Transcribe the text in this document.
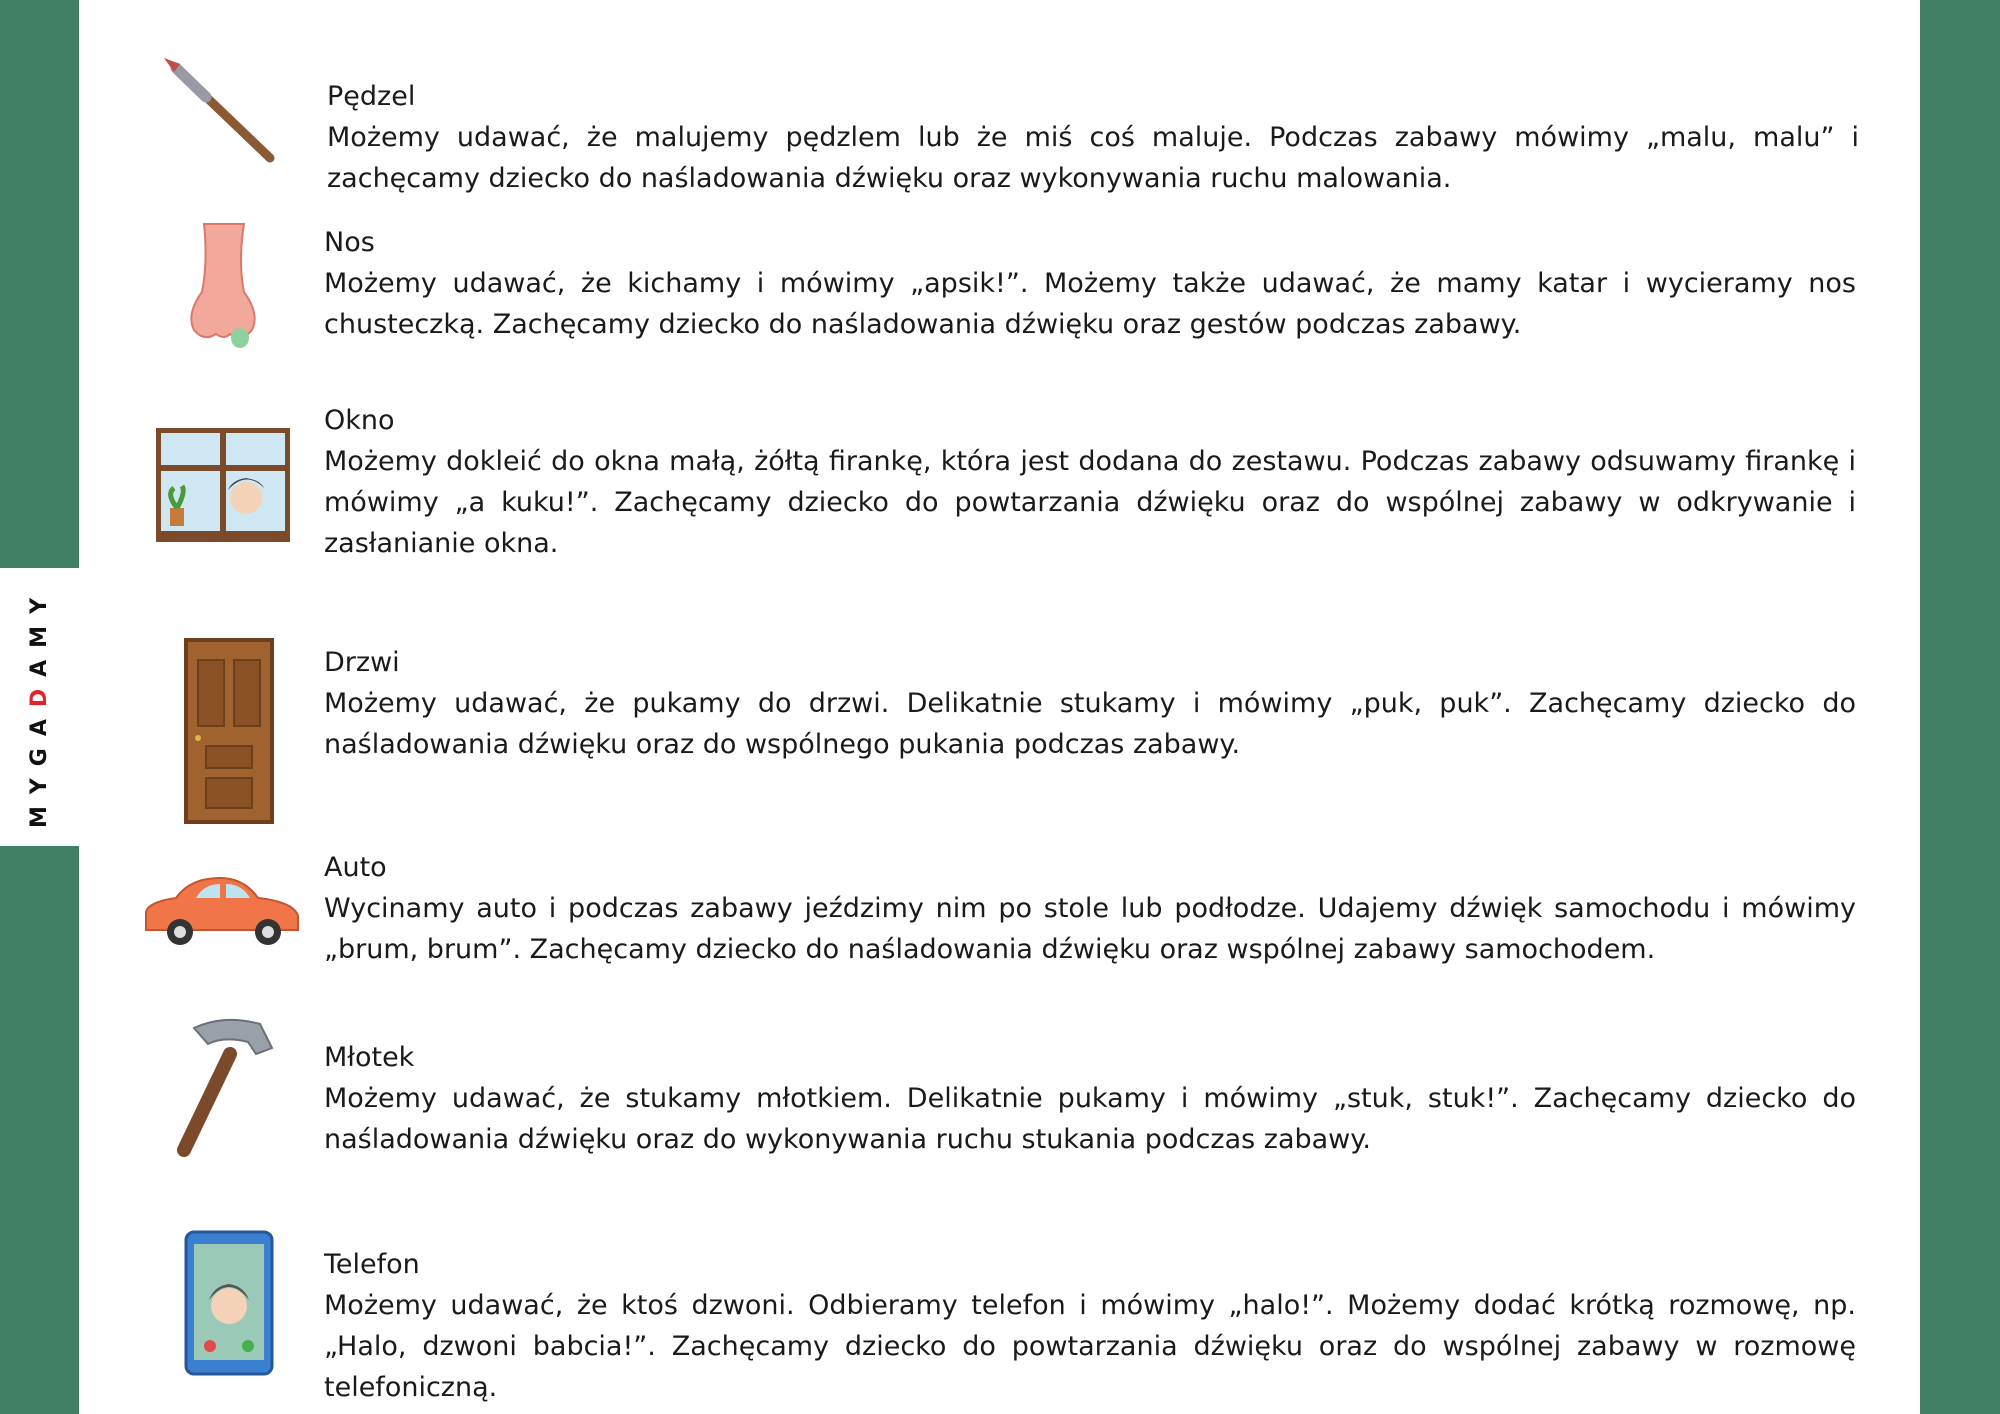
MYGADAMY
Pędzel
Możemy udawać, że malujemy pędzlem lub że miś coś maluje. Podczas zabawy mówimy „malu, malu” i zachęcamy dziecko do naśladowania dźwięku oraz wykonywania ruchu malowania.
Nos
Możemy udawać, że kichamy i mówimy „apsik!”. Możemy także udawać, że mamy katar i wycieramy nos chusteczką. Zachęcamy dziecko do naśladowania dźwięku oraz gestów podczas zabawy.
Okno
Możemy dokleić do okna małą, żółtą firankę, która jest dodana do zestawu. Podczas zabawy odsuwamy firankę i mówimy „a kuku!”. Zachęcamy dziecko do powtarzania dźwięku oraz do wspólnej zabawy w odkrywanie i zasłanianie okna.
Drzwi
Możemy udawać, że pukamy do drzwi. Delikatnie stukamy i mówimy „puk, puk”. Zachęcamy dziecko do naśladowania dźwięku oraz do wspólnego pukania podczas zabawy.
Auto
Wycinamy auto i podczas zabawy jeździmy nim po stole lub podłodze. Udajemy dźwięk samochodu i mówimy „brum, brum”. Zachęcamy dziecko do naśladowania dźwięku oraz wspólnej zabawy samochodem.
Młotek
Możemy udawać, że stukamy młotkiem. Delikatnie pukamy i mówimy „stuk, stuk!”. Zachęcamy dziecko do naśladowania dźwięku oraz do wykonywania ruchu stukania podczas zabawy.
Telefon
Możemy udawać, że ktoś dzwoni. Odbieramy telefon i mówimy „halo!”. Możemy dodać krótką rozmowę, np. „Halo, dzwoni babcia!”. Zachęcamy dziecko do powtarzania dźwięku oraz do wspólnej zabawy w rozmowę telefoniczną.
